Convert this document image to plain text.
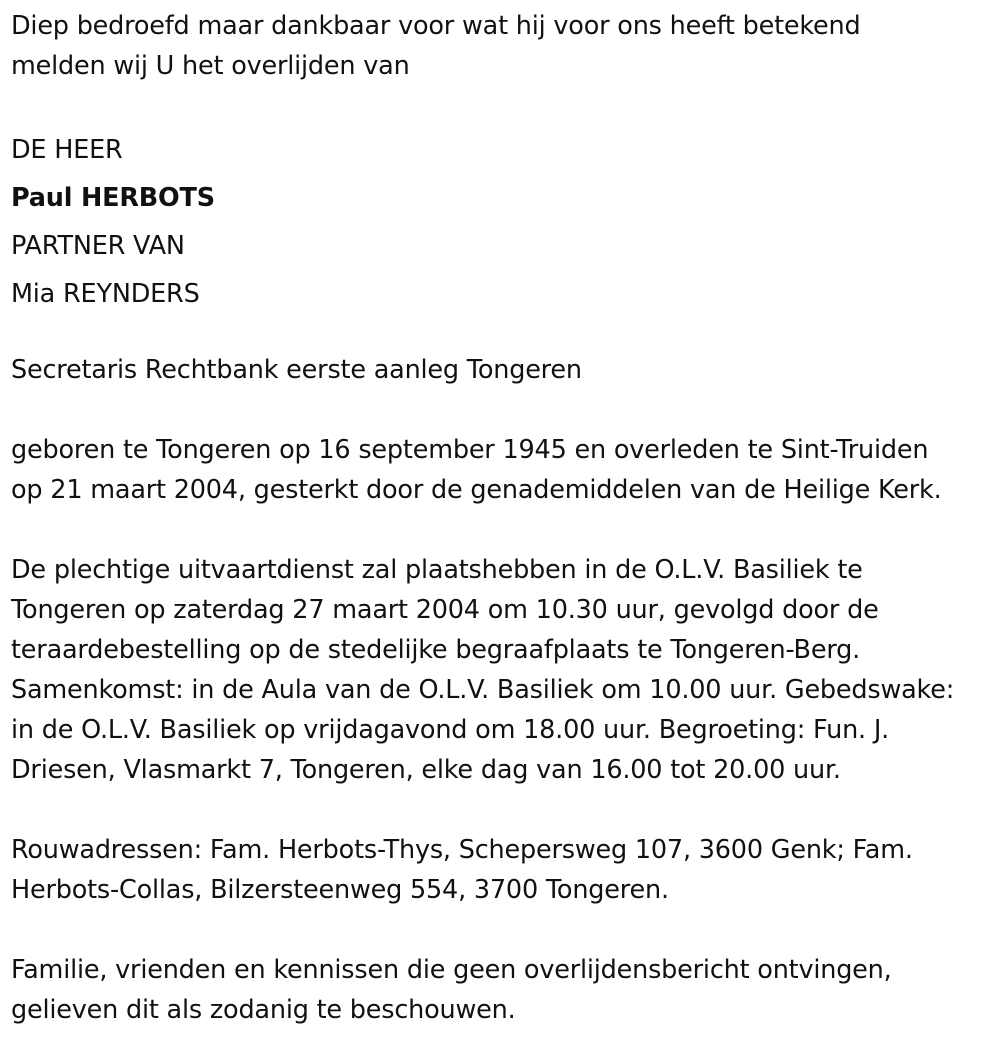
Diep bedroefd maar dankbaar voor wat hij voor ons heeft betekend
melden wij U het overlijden van
DE HEER
Paul HERBOTS
PARTNER VAN
Mia REYNDERS
Secretaris Rechtbank eerste aanleg Tongeren
geboren te Tongeren op 16 september 1945 en overleden te Sint-Truiden
op 21 maart 2004, gesterkt door de genademiddelen van de Heilige Kerk.
De plechtige uitvaartdienst zal plaatshebben in de O.L.V. Basiliek te
Tongeren op zaterdag 27 maart 2004 om 10.30 uur, gevolgd door de
teraardebestelling op de stedelijke begraafplaats te Tongeren-Berg.
Samenkomst: in de Aula van de O.L.V. Basiliek om 10.00 uur. Gebedswake:
in de O.L.V. Basiliek op vrijdagavond om 18.00 uur. Begroeting: Fun. J.
Driesen, Vlasmarkt 7, Tongeren, elke dag van 16.00 tot 20.00 uur.
Rouwadressen: Fam. Herbots-Thys, Schepersweg 107, 3600 Genk; Fam.
Herbots-Collas, Bilzersteenweg 554, 3700 Tongeren.
Familie, vrienden en kennissen die geen overlijdensbericht ontvingen,
gelieven dit als zodanig te beschouwen.
